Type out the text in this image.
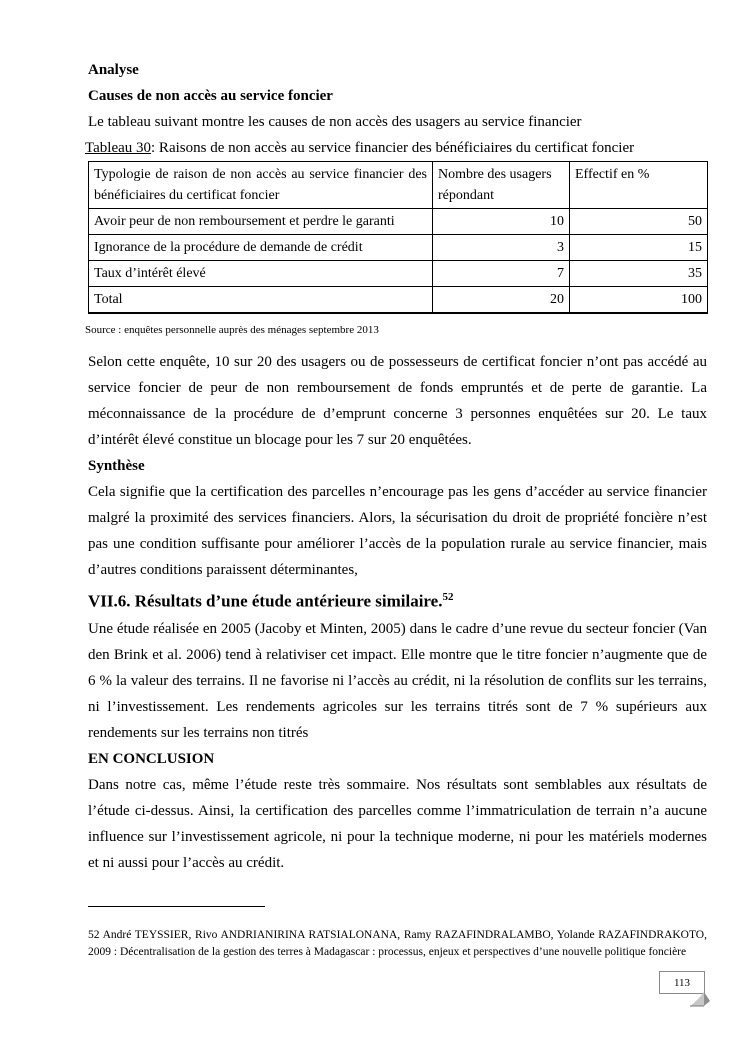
Analyse

Causes de non accès au service foncier

Le tableau suivant montre les causes de non accès des usagers au service financier

Tableau 30: Raisons de non accès au service financier des bénéficiaires du certificat foncier

Typologie de raison de non accès au service financier des bénéficiaires du certificat foncier	Nombre des usagers répondant	Effectif en %
Avoir peur de non remboursement et perdre le garanti	10	50
Ignorance de la procédure de demande de crédit	3	15
Taux d’intérêt élevé	7	35
Total	20	100

Source : enquêtes personnelle auprès des ménages septembre 2013

Selon cette enquête, 10 sur 20 des usagers ou de possesseurs de certificat foncier n’ont pas accédé au service foncier de peur de non remboursement de fonds empruntés et de perte de garantie. La méconnaissance de la procédure de d’emprunt concerne 3 personnes enquêtées sur 20. Le taux d’intérêt élevé constitue un blocage pour les 7 sur 20 enquêtées.

Synthèse

Cela signifie que la certification des parcelles n’encourage pas les gens d’accéder au service financier malgré la proximité des services financiers. Alors, la sécurisation du droit de propriété foncière n’est pas une condition suffisante pour améliorer l’accès de la population rurale au service financier, mais d’autres conditions paraissent déterminantes,

VII.6. Résultats d’une étude antérieure similaire.$^{52}$

Une étude réalisée en 2005 (Jacoby et Minten, 2005) dans le cadre d’une revue du secteur foncier (Van den Brink et al. 2006) tend à relativiser cet impact. Elle montre que le titre foncier n’augmente que de 6 % la valeur des terrains. Il ne favorise ni l’accès au crédit, ni la résolution de conflits sur les terrains, ni l’investissement. Les rendements agricoles sur les terrains titrés sont de 7 % supérieurs aux rendements sur les terrains non titrés

EN CONCLUSION

Dans notre cas, même l’étude reste très sommaire. Nos résultats sont semblables aux résultats de l’étude ci-dessus. Ainsi, la certification des parcelles comme l’immatriculation de terrain n’a aucune influence sur l’investissement agricole, ni pour la technique moderne, ni pour les matériels modernes et ni aussi pour l’accès au crédit.

52 André TEYSSIER, Rivo ANDRIANIRINA RATSIALONANA, Ramy RAZAFINDRALAMBO, Yolande RAZAFINDRAKOTO, 2009 : Décentralisation de la gestion des terres à Madagascar : processus, enjeux et perspectives d’une nouvelle politique foncière

113
